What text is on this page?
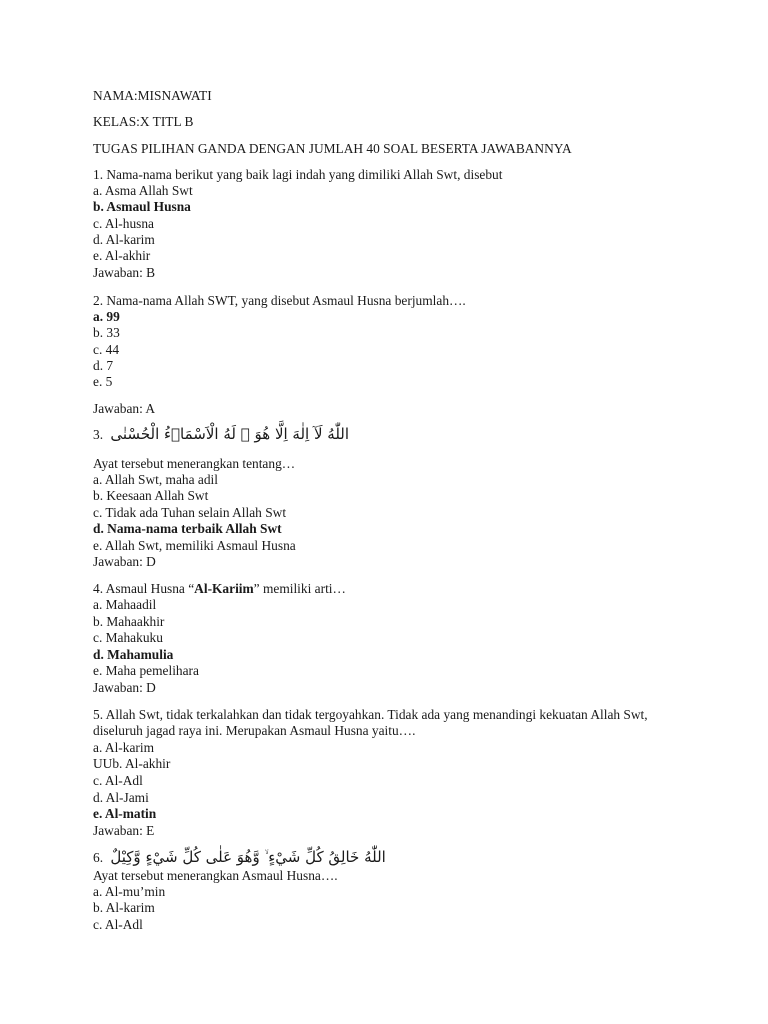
NAMA:MISNAWATI
KELAS:X TITL B
TUGAS PILIHAN GANDA DENGAN JUMLAH 40 SOAL BESERTA JAWABANNYA
1. Nama-nama berikut yang baik lagi indah yang dimiliki Allah Swt, disebut
a. Asma Allah Swt
b. Asmaul Husna
c. Al-husna
d. Al-karim
e. Al-akhir
Jawaban: B
2. Nama-nama Allah SWT, yang disebut Asmaul Husna berjumlah….
a. 99
b. 33
c. 44
d. 7
e. 5
Jawaban: A
3. اللّٰهُ لَآ اِلٰهَ اِلَّا هُوَ ۗ لَهُ الْاَسْمَاۤءُ الْحُسْنٰى
Ayat tersebut menerangkan tentang…
a. Allah Swt, maha adil
b. Keesaan Allah Swt
c. Tidak ada Tuhan selain Allah Swt
d. Nama-nama terbaik Allah Swt
e. Allah Swt, memiliki Asmaul Husna
Jawaban: D
4. Asmaul Husna “Al-Kariim” memiliki arti…
a. Mahaadil
b. Mahaakhir
c. Mahakuku
d. Mahamulia
e. Maha pemelihara
Jawaban: D
5. Allah Swt, tidak terkalahkan dan tidak tergoyahkan. Tidak ada yang menandingi kekuatan Allah Swt, diseluruh jagad raya ini. Merupakan Asmaul Husna yaitu….
a. Al-karim
UUb. Al-akhir
c. Al-Adl
d. Al-Jami
e. Al-matin
Jawaban: E
6. اللّٰهُ خَالِقُ كُلِّ شَيْءٍ ۙ وَّهُوَ عَلٰى كُلِّ شَيْءٍ وَّكِيْلٌ
Ayat tersebut menerangkan Asmaul Husna….
a. Al-mu’min
b. Al-karim
c. Al-Adl
